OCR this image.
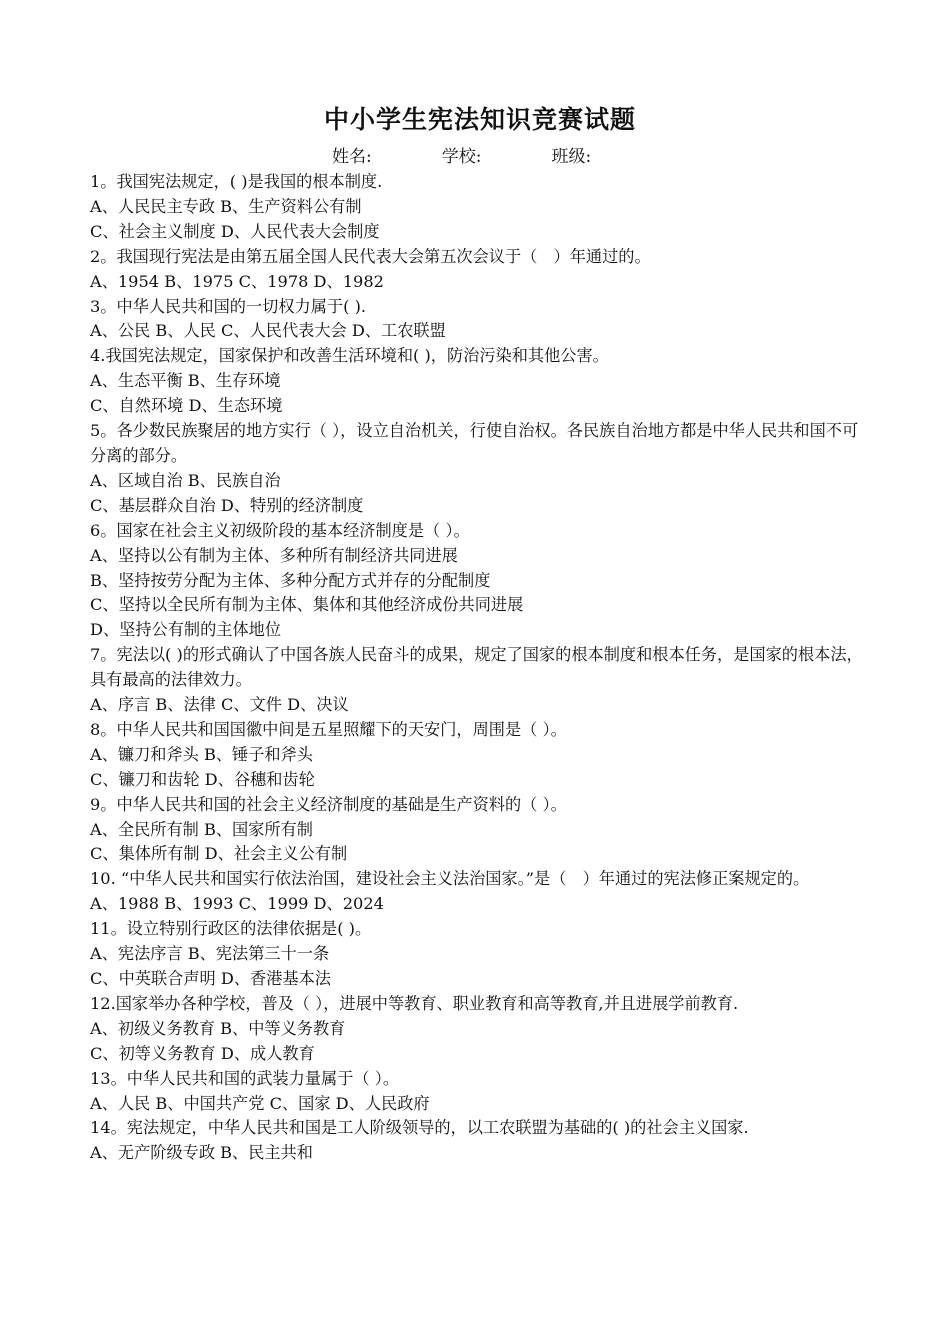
中小学生宪法知识竞赛试题
姓名:	学校:	班级:

1。我国宪法规定，( )是我国的根本制度.

A、人民民主专政 B、生产资料公有制

C、社会主义制度 D、人民代表大会制度

2。我国现行宪法是由第五届全国人民代表大会第五次会议于（　）年通过的。

A、1954 B、1975 C、1978 D、1982

3。中华人民共和国的一切权力属于( ).

A、公民 B、人民 C、人民代表大会 D、工农联盟

4.我国宪法规定，国家保护和改善生活环境和( )，防治污染和其他公害。

A、生态平衡 B、生存环境

C、自然环境 D、生态环境

5。各少数民族聚居的地方实行（ ），设立自治机关，行使自治权。各民族自治地方都是中华人民共和国不可分离的部分。

A、区域自治 B、民族自治

C、基层群众自治 D、特别的经济制度

6。国家在社会主义初级阶段的基本经济制度是（ ）。

A、坚持以公有制为主体、多种所有制经济共同进展

B、坚持按劳分配为主体、多种分配方式并存的分配制度

C、坚持以全民所有制为主体、集体和其他经济成份共同进展

D、坚持公有制的主体地位

7。宪法以( )的形式确认了中国各族人民奋斗的成果，规定了国家的根本制度和根本任务，是国家的根本法，具有最高的法律效力。

A、序言 B、法律 C、文件 D、决议

8。中华人民共和国国徽中间是五星照耀下的天安门，周围是（ ）。

A、镰刀和斧头 B、锤子和斧头

C、镰刀和齿轮 D、谷穗和齿轮

9。中华人民共和国的社会主义经济制度的基础是生产资料的（ ）。

A、全民所有制 B、国家所有制

C、集体所有制 D、社会主义公有制

10. “中华人民共和国实行依法治国，建设社会主义法治国家。”是（　）年通过的宪法修正案规定的。

A、1988 B、1993 C、1999 D、2024

11。设立特别行政区的法律依据是( )。

A、宪法序言 B、宪法第三十一条

C、中英联合声明 D、香港基本法

12.国家举办各种学校，普及（ ），进展中等教育、职业教育和高等教育,并且进展学前教育.

A、初级义务教育 B、中等义务教育

C、初等义务教育 D、成人教育

13。中华人民共和国的武装力量属于（ ）。

A、人民 B、中国共产党 C、国家 D、人民政府

14。宪法规定，中华人民共和国是工人阶级领导的，以工农联盟为基础的( )的社会主义国家.

A、无产阶级专政 B、民主共和
